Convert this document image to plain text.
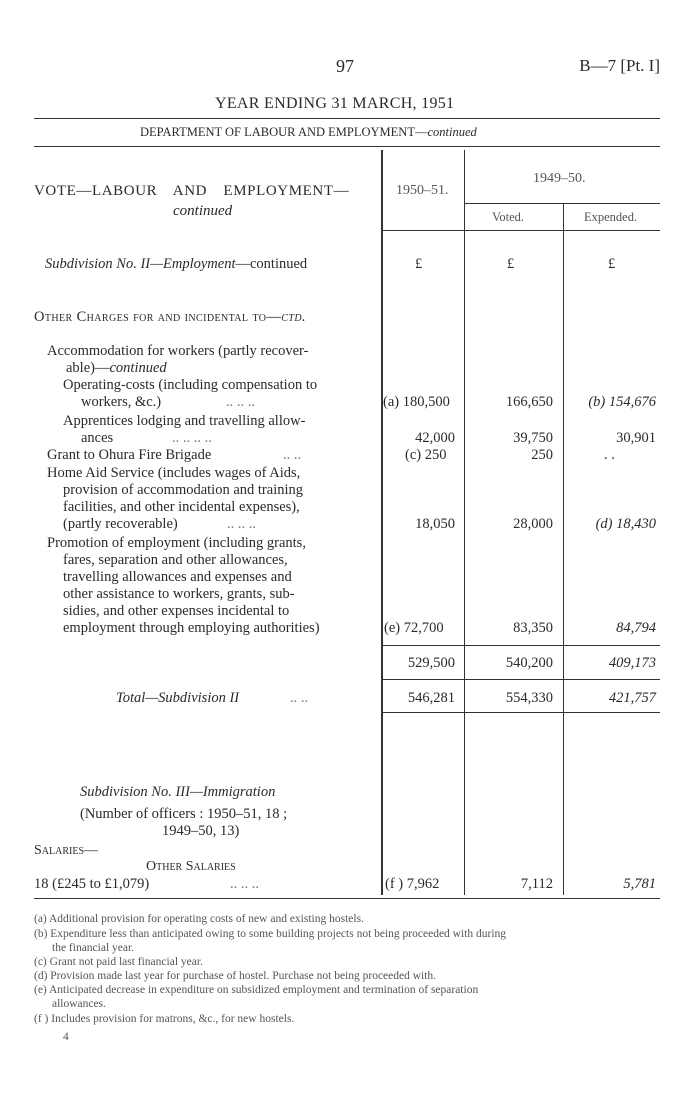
97	B—7 [Pt. I]
YEAR ENDING 31 MARCH, 1951
DEPARTMENT OF LABOUR AND EMPLOYMENT—continued
VOTE—LABOUR AND EMPLOYMENT—
continued
1950–51.
1949–50.
Voted.	Expended.
Subdivision No. II—Employment—continued	£	£	£
Other Charges for and incidental to—ctd.
Accommodation for workers (partly recover-
able)—continued
Operating-costs (including compensation to
workers, &c.)	.. .. ..	(a) 180,500	166,650	(b) 154,676
Apprentices lodging and travelling allow-
ances	.. .. .. ..	42,000	39,750	30,901
Grant to Ohura Fire Brigade	.. ..	(c) 250	250	. .
Home Aid Service (includes wages of Aids,
provision of accommodation and training
facilities, and other incidental expenses),
(partly recoverable)	.. .. ..	18,050	28,000	(d) 18,430
Promotion of employment (including grants,
fares, separation and other allowances,
travelling allowances and expenses and
other assistance to workers, grants, sub-
sidies, and other expenses incidental to
employment through employing authorities)	(e) 72,700	83,350	84,794
529,500	540,200	409,173
Total—Subdivision II	.. ..	546,281	554,330	421,757
Subdivision No. III—Immigration
(Number of officers : 1950–51, 18 ;
1949–50, 13)
Salaries—
Other Salaries
18 (£245 to £1,079)	.. .. ..	(f ) 7,962	7,112	5,781
(a) Additional provision for operating costs of new and existing hostels.
(b) Expenditure less than anticipated owing to some building projects not being proceeded with during
the financial year.
(c) Grant not paid last financial year.
(d) Provision made last year for purchase of hostel. Purchase not being proceeded with.
(e) Anticipated decrease in expenditure on subsidized employment and termination of separation
allowances.
(f ) Includes provision for matrons, &c., for new hostels.
4
